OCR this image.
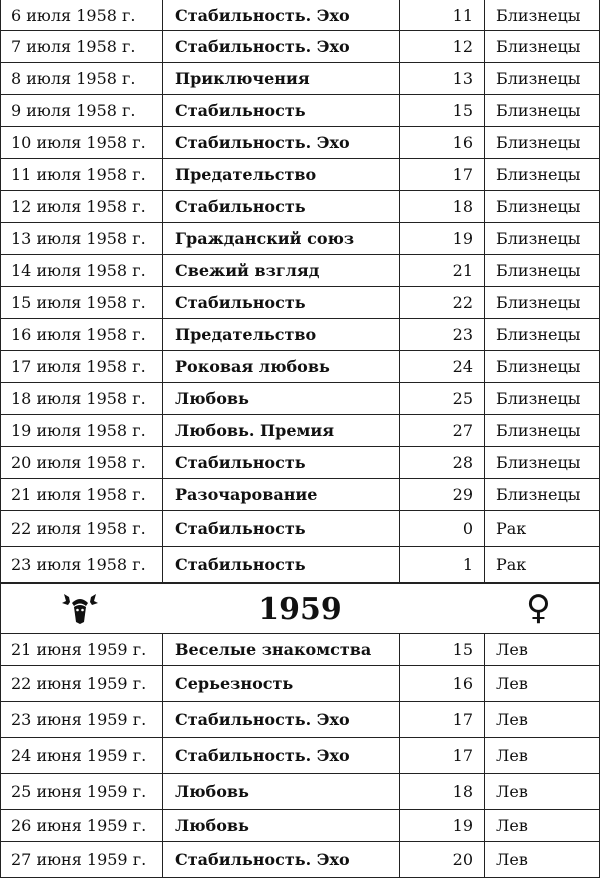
6 июля 1958 г.	Стабильность. Эхо	11	Близнецы
7 июля 1958 г.	Стабильность. Эхо	12	Близнецы
8 июля 1958 г.	Приключения	13	Близнецы
9 июля 1958 г.	Стабильность	15	Близнецы
10 июля 1958 г.	Стабильность. Эхо	16	Близнецы
11 июля 1958 г.	Предательство	17	Близнецы
12 июля 1958 г.	Стабильность	18	Близнецы
13 июля 1958 г.	Гражданский союз	19	Близнецы
14 июля 1958 г.	Свежий взгляд	21	Близнецы
15 июля 1958 г.	Стабильность	22	Близнецы
16 июля 1958 г.	Предательство	23	Близнецы
17 июля 1958 г.	Роковая любовь	24	Близнецы
18 июля 1958 г.	Любовь	25	Близнецы
19 июля 1958 г.	Любовь. Премия	27	Близнецы
20 июля 1958 г.	Стабильность	28	Близнецы
21 июля 1958 г.	Разочарование	29	Близнецы
22 июля 1958 г.	Стабильность	0	Рак
23 июля 1958 г.	Стабильность	1	Рак
1959	♀
21 июня 1959 г.	Веселые знакомства	15	Лев
22 июня 1959 г.	Серьезность	16	Лев
23 июня 1959 г.	Стабильность. Эхо	17	Лев
24 июня 1959 г.	Стабильность. Эхо	17	Лев
25 июня 1959 г.	Любовь	18	Лев
26 июня 1959 г.	Любовь	19	Лев
27 июня 1959 г.	Стабильность. Эхо	20	Лев
